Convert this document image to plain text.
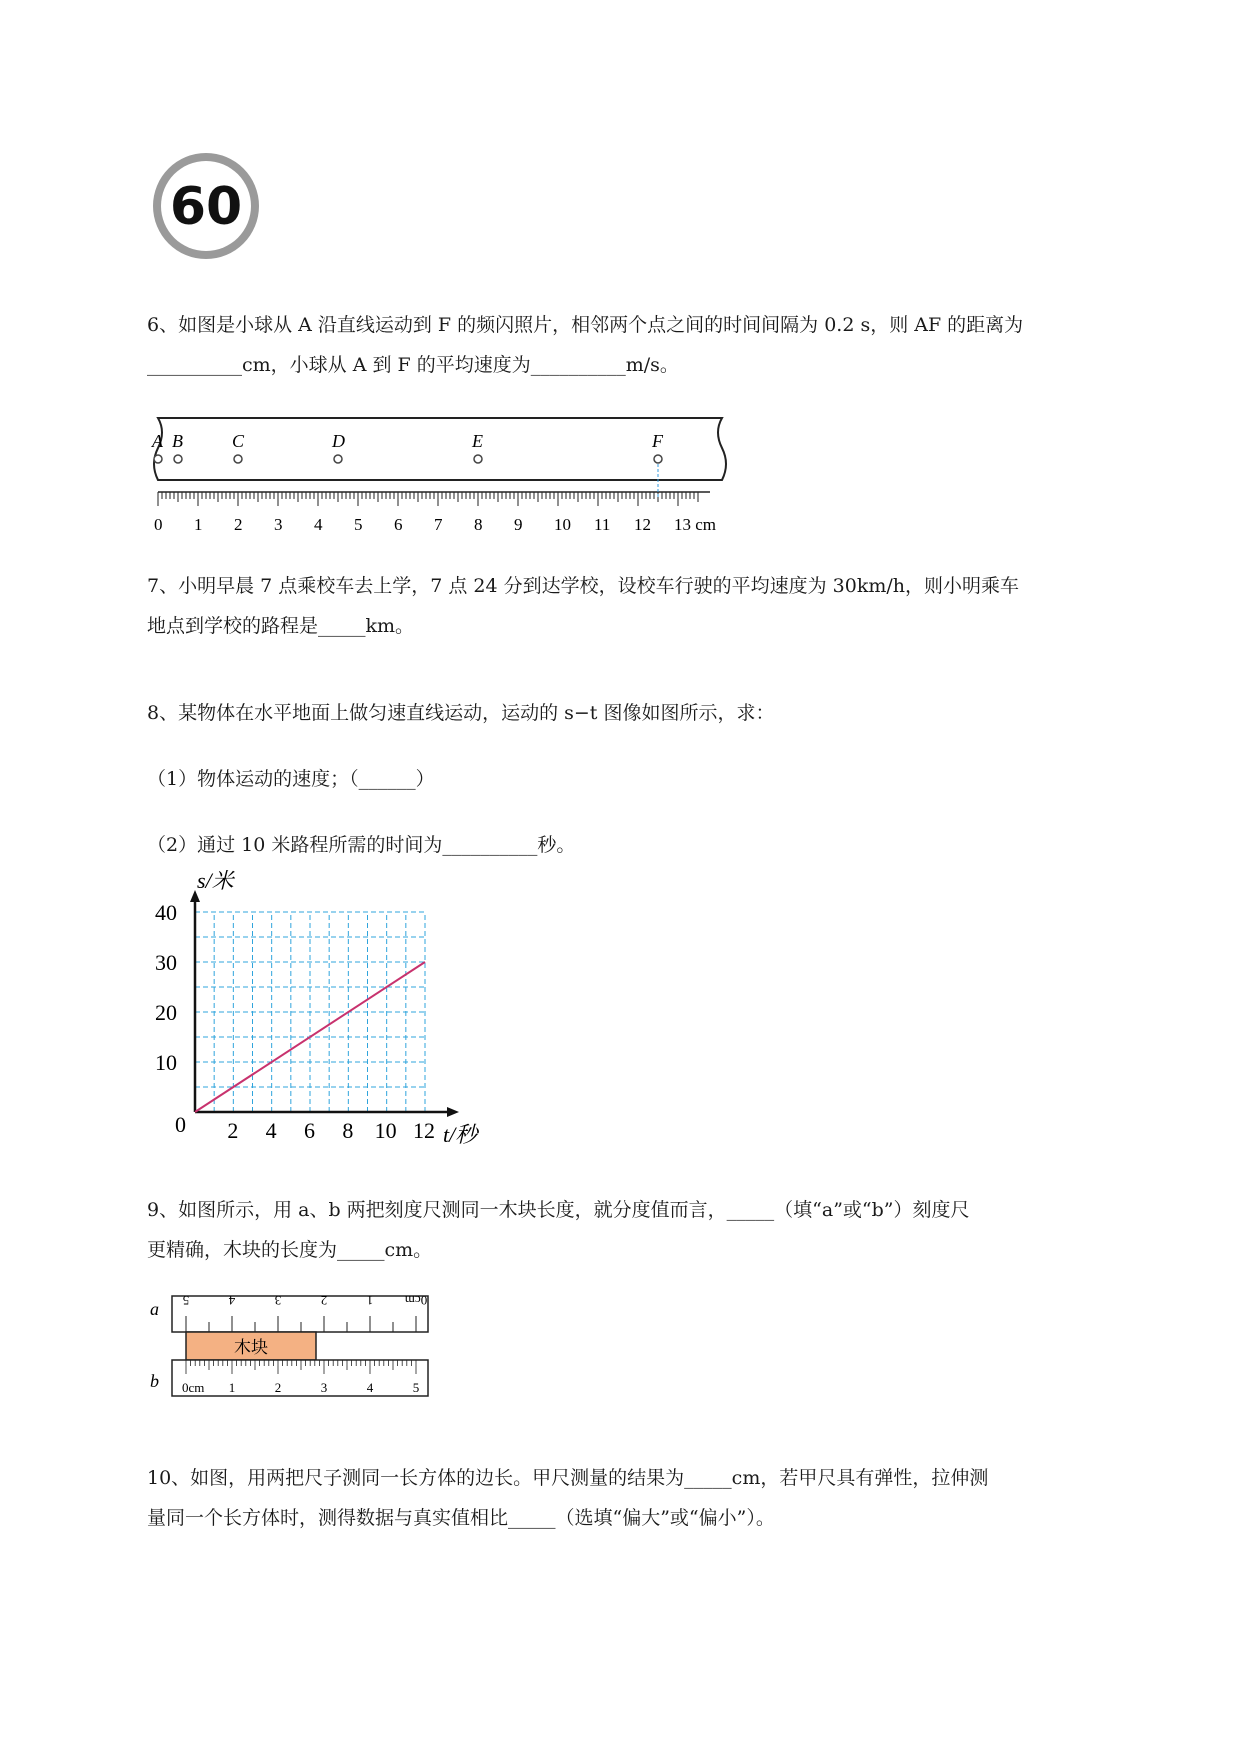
60

6、如图是小球从 A 沿直线运动到 F 的频闪照片，相邻两个点之间的时间间隔为 0.2 s，则 AF 的距离为

__________cm，小球从 A 到 F 的平均速度为__________m/s。

A B	C	D	E	F
0 1 2 3 4 5 6 7 8 9 10 11 12 13 cm

7、小明早晨 7 点乘校车去上学，7 点 24 分到达学校，设校车行驶的平均速度为 30km/h，则小明乘车

地点到学校的路程是_____km。

8、某物体在水平地面上做匀速直线运动，运动的 s−t 图像如图所示，求：

（1）物体运动的速度；（______）

（2）通过 10 米路程所需的时间为__________秒。

2 4 6 8 10 12
10
20
30
40
0	t/秒
s/米

9、如图所示，用 a、b 两把刻度尺测同一木块长度，就分度值而言，_____（填“a”或“b”）刻度尺

更精确，木块的长度为_____cm。

a
b
木块
5	4	3	2	1 0cm
0cm 1	2	3	4	5

10、如图，用两把尺子测同一长方体的边长。甲尺测量的结果为_____cm，若甲尺具有弹性，拉伸测

量同一个长方体时，测得数据与真实值相比_____（选填“偏大”或“偏小”）。
